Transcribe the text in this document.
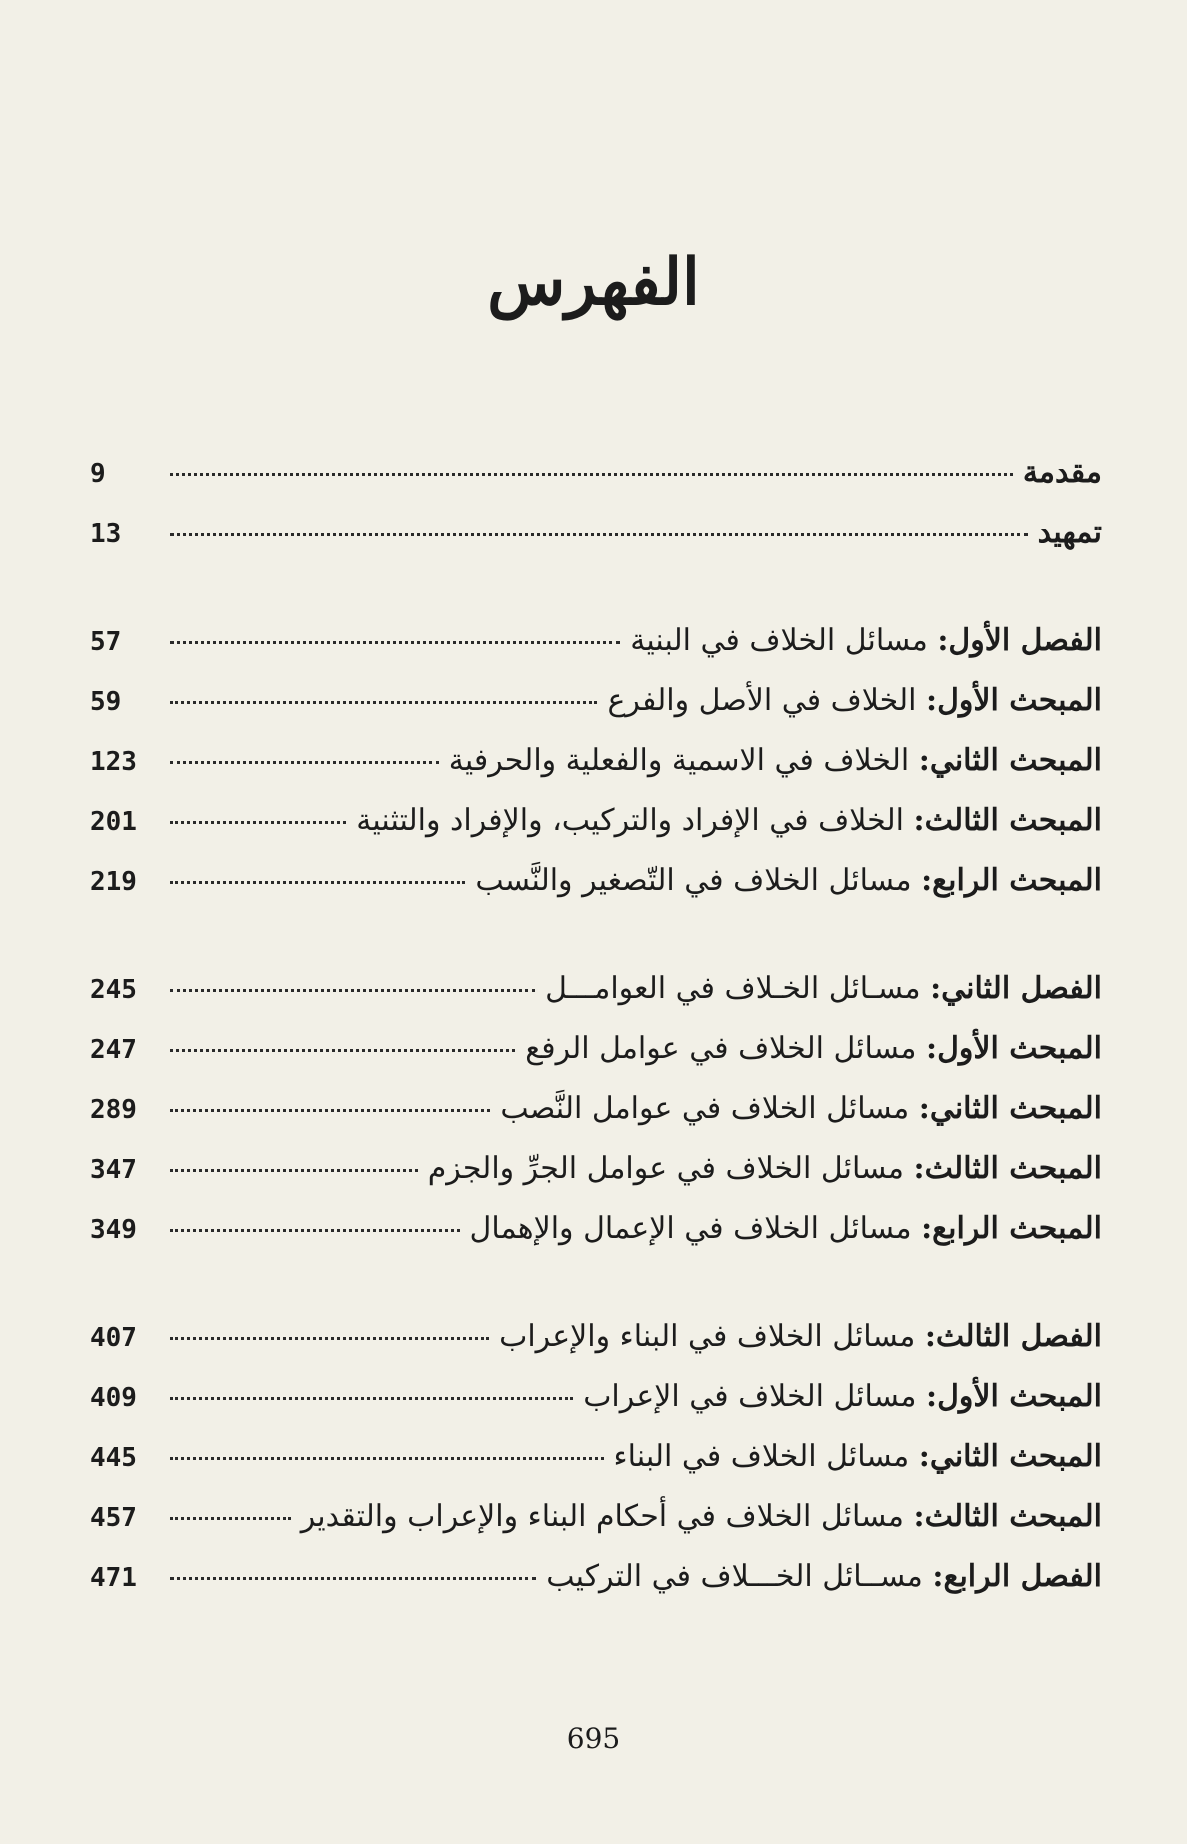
الفهرس
مقدمة
9
تمهيد
13
الفصل الأول: مسائل الخلاف في البنية
57
المبحث الأول: الخلاف في الأصل والفرع
59
المبحث الثاني: الخلاف في الاسمية والفعلية والحرفية
123
المبحث الثالث: الخلاف في الإفراد والتركيب، والإفراد والتثنية
201
المبحث الرابع: مسائل الخلاف في التّصغير والنَّسب
219
الفصل الثاني: مسـائل الخـلاف في العوامـــل
245
المبحث الأول: مسائل الخلاف في عوامل الرفع
247
المبحث الثاني: مسائل الخلاف في عوامل النَّصب
289
المبحث الثالث: مسائل الخلاف في عوامل الجرِّ والجزم
347
المبحث الرابع: مسائل الخلاف في الإعمال والإهمال
349
الفصل الثالث: مسائل الخلاف في البناء والإعراب
407
المبحث الأول: مسائل الخلاف في الإعراب
409
المبحث الثاني: مسائل الخلاف في البناء
445
المبحث الثالث: مسائل الخلاف في أحكام البناء والإعراب والتقدير
457
الفصل الرابع: مســائل الخـــلاف في التركيب
471
695
